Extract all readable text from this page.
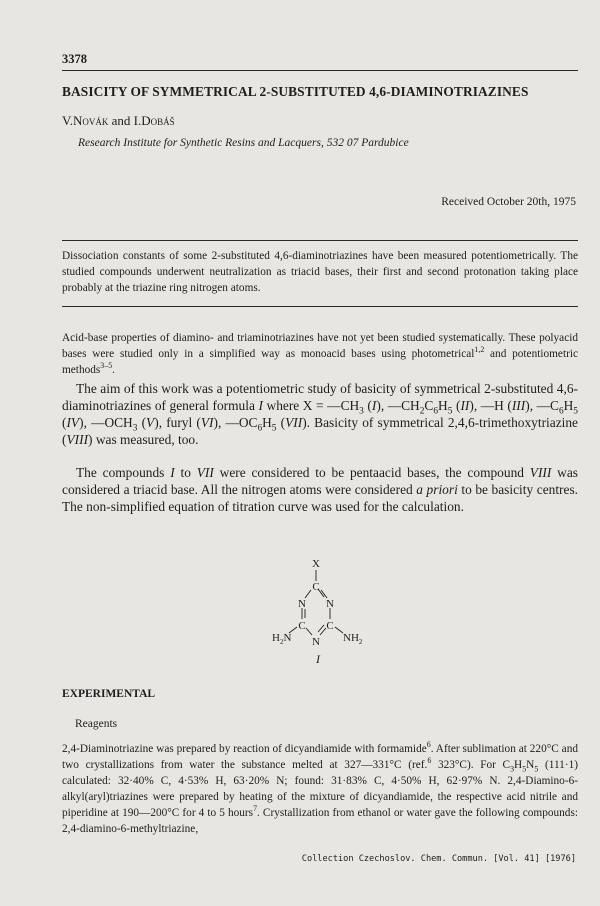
3378
BASICITY OF SYMMETRICAL 2-SUBSTITUTED 4,6-DIAMINOTRIAZINES
V.Novák and I.Dobáš
Research Institute for Synthetic Resins and Lacquers, 532 07 Pardubice
Received October 20th, 1975
Dissociation constants of some 2-substituted 4,6-diaminotriazines have been measured potentiometrically. The studied compounds underwent neutralization as triacid bases, their first and second protonation taking place probably at the triazine ring nitrogen atoms.
Acid-base properties of diamino- and triaminotriazines have not yet been studied systematically. These polyacid bases were studied only in a simplified way as monoacid bases using photometrical$^{1,2}$ and potentiometric methods$^{3-5}$.
The aim of this work was a potentiometric study of basicity of symmetrical 2-substituted 4,6-diaminotriazines of general formula I where $X = —CH_3$ (I), $—CH_2C_6H_5$ (II), —H (III), $—C_6H_5$ (IV), $—OCH_3$ (V), furyl (VI), $—OC_6H_5$ (VII). Basicity of symmetrical 2,4,6-trimethoxytriazine (VIII) was measured, too.
The compounds I to VII were considered to be pentaacid bases, the compound VIII was considered a triacid base. All the nitrogen atoms were considered a priori to be basicity centres. The non-simplified equation of titration curve was used for the calculation.
X
C
N N
C C
N
$H_2N$	$NH_2$
I
EXPERIMENTAL
Reagents
2,4-Diaminotriazine was prepared by reaction of dicyandiamide with formamide$^6$. After sublimation at 220°C and two crystallizations from water the substance melted at 327—331°C (ref.$^6$ 323°C). For $C_3H_5N_5$ (111·1) calculated: 32·40% C, 4·53% H, 63·20% N; found: 31·83% C, 4·50% H, 62·97% N. 2,4-Diamino-6-alkyl(aryl)triazines were prepared by heating of the mixture of dicyandiamide, the respective acid nitrile and piperidine at 190—200°C for 4 to 5 hours$^7$. Crystallization from ethanol or water gave the following compounds: 2,4-diamino-6-methyltriazine,
Collection Czechoslov. Chem. Commun. [Vol. 41] [1976]
